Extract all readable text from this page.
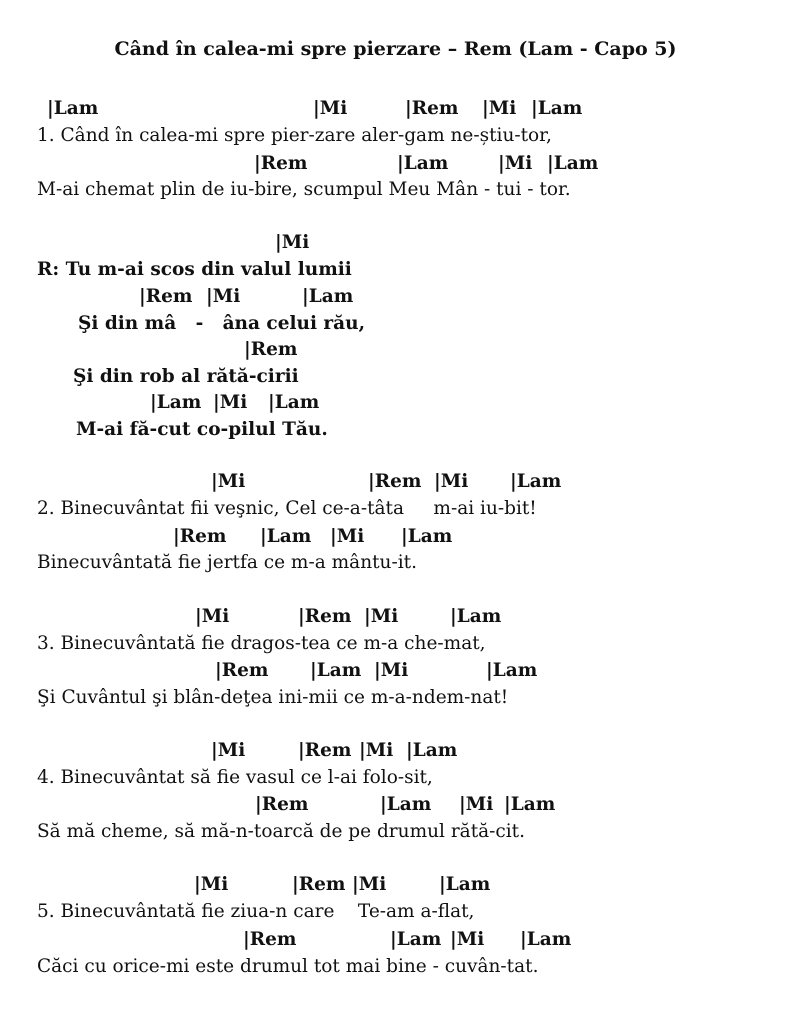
Când în calea-mi spre pierzare – Rem (Lam - Capo 5)
|Lam	|Mi	|Rem |Mi |Lam
1. Când în calea-mi spre pier-zare aler-gam ne-știu-tor,
|Rem	|Lam	|Mi |Lam
M-ai chemat plin de iu-bire, scumpul Meu Mân - tui - tor.
|Mi
R: Tu m-ai scos din valul lumii
|Rem |Mi	|Lam
Şi din mâ   -   âna celui rău,
|Rem
Şi din rob al rătă-cirii
|Lam |Mi |Lam
M-ai fă-cut co-pilul Tău.
|Mi	|Rem |Mi |Lam
2. Binecuvântat fii veşnic, Cel ce-a-tâta     m-ai iu-bit!
|Rem |Lam |Mi |Lam
Binecuvântată fie jertfa ce m-a mântu-it.
|Mi	|Rem |Mi	|Lam
3. Binecuvântată fie dragos-tea ce m-a che-mat,
|Rem |Lam |Mi	|Lam
Şi Cuvântul şi blân-deţea ini-mii ce m-a-ndem-nat!
|Mi	|Rem |Mi |Lam
4. Binecuvântat să fie vasul ce l-ai folo-sit,
|Rem	|Lam |Mi |Lam
Să mă cheme, să mă-n-toarcă de pe drumul rătă-cit.
|Mi	|Rem |Mi	|Lam
5. Binecuvântată fie ziua-n care    Te-am a-flat,
|Rem	|Lam |Mi |Lam
Căci cu orice-mi este drumul tot mai bine - cuvân-tat.
